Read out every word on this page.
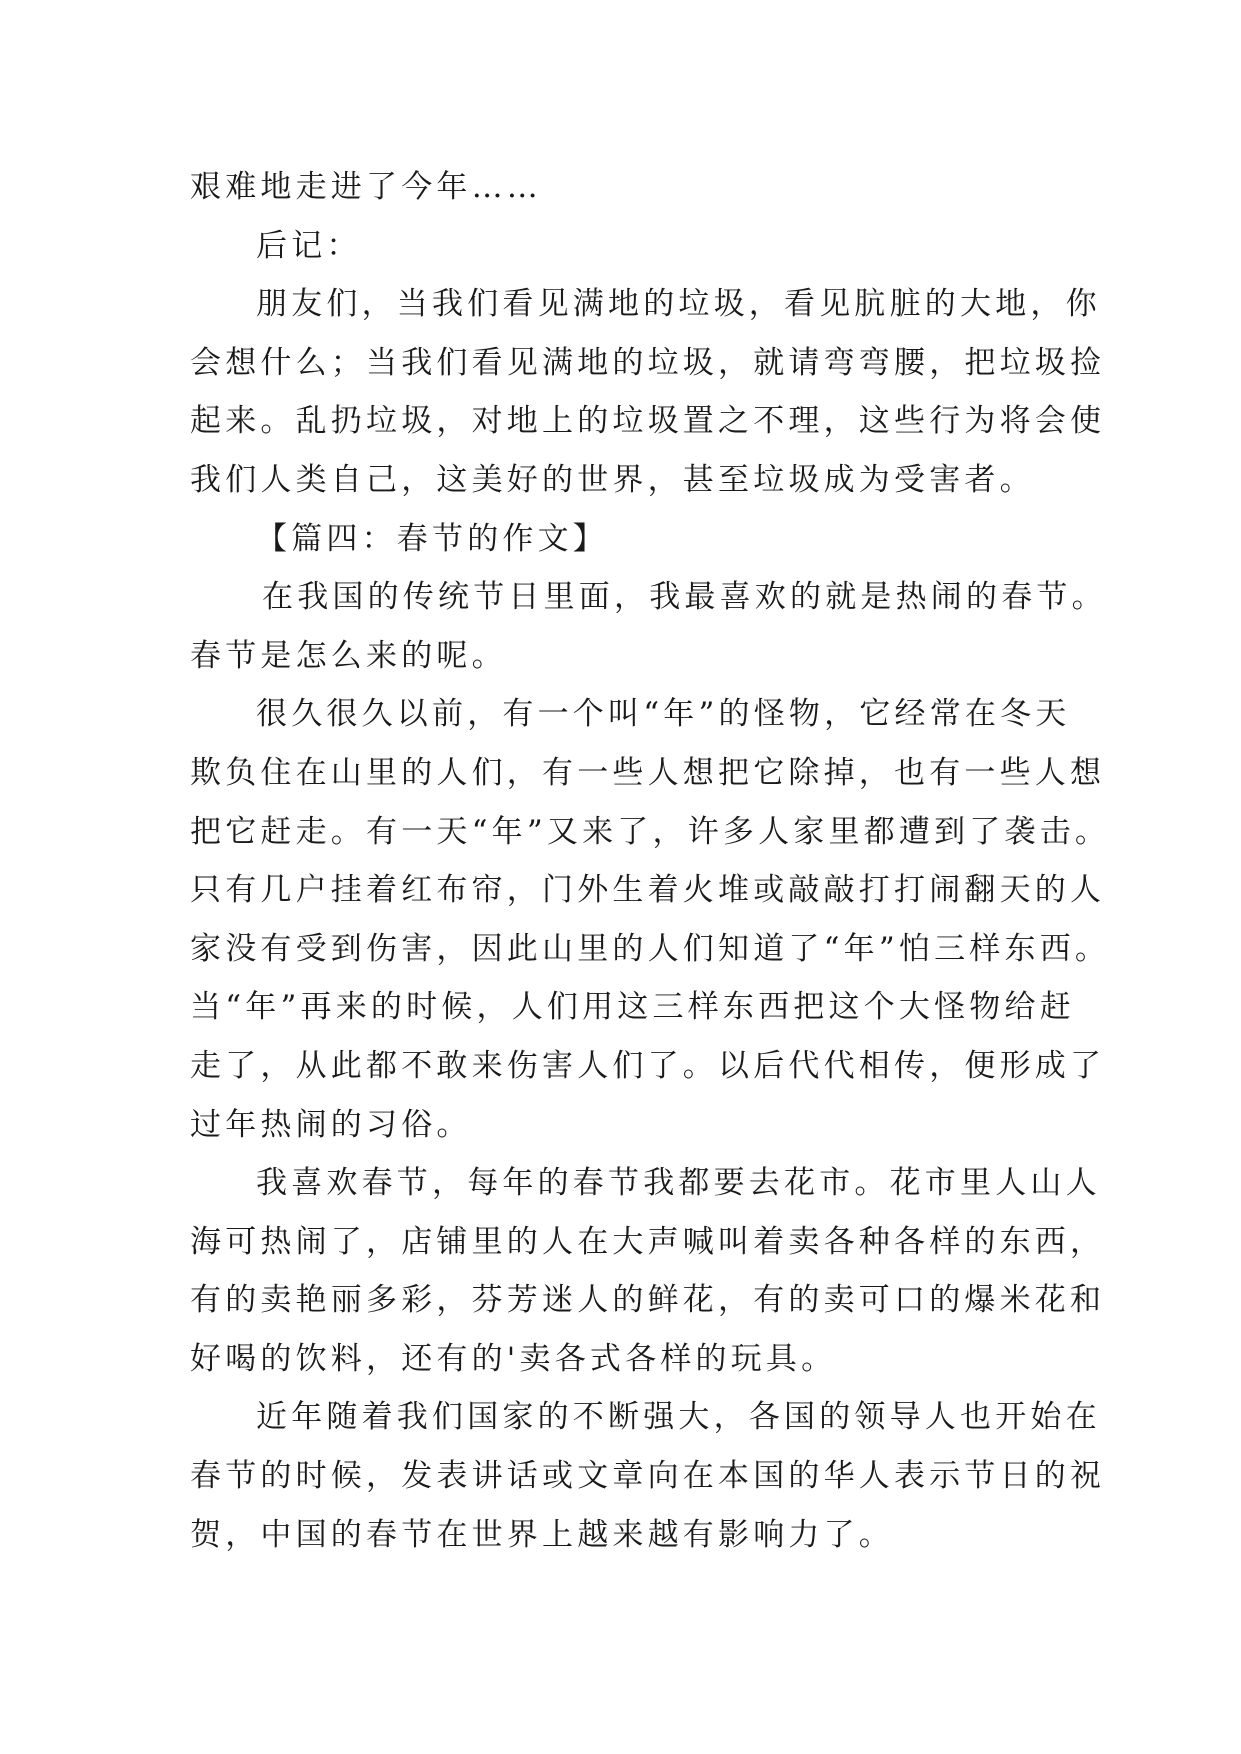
艰难地走进了今年……
后记：
朋友们，当我们看见满地的垃圾，看见肮脏的大地，你
会想什么；当我们看见满地的垃圾，就请弯弯腰，把垃圾捡
起来。乱扔垃圾，对地上的垃圾置之不理，这些行为将会使
我们人类自己，这美好的世界，甚至垃圾成为受害者。
【篇四：春节的作文】
在我国的传统节日里面，我最喜欢的就是热闹的春节。
春节是怎么来的呢。
很久很久以前，有一个叫“年”的怪物，它经常在冬天
欺负住在山里的人们，有一些人想把它除掉，也有一些人想
把它赶走。有一天“年”又来了，许多人家里都遭到了袭击。
只有几户挂着红布帘，门外生着火堆或敲敲打打闹翻天的人
家没有受到伤害，因此山里的人们知道了“年”怕三样东西。
当“年”再来的时候，人们用这三样东西把这个大怪物给赶
走了，从此都不敢来伤害人们了。以后代代相传，便形成了
过年热闹的习俗。
我喜欢春节，每年的春节我都要去花市。花市里人山人
海可热闹了，店铺里的人在大声喊叫着卖各种各样的东西，
有的卖艳丽多彩，芬芳迷人的鲜花，有的卖可口的爆米花和
好喝的饮料，还有的'卖各式各样的玩具。
近年随着我们国家的不断强大，各国的领导人也开始在
春节的时候，发表讲话或文章向在本国的华人表示节日的祝
贺，中国的春节在世界上越来越有影响力了。
